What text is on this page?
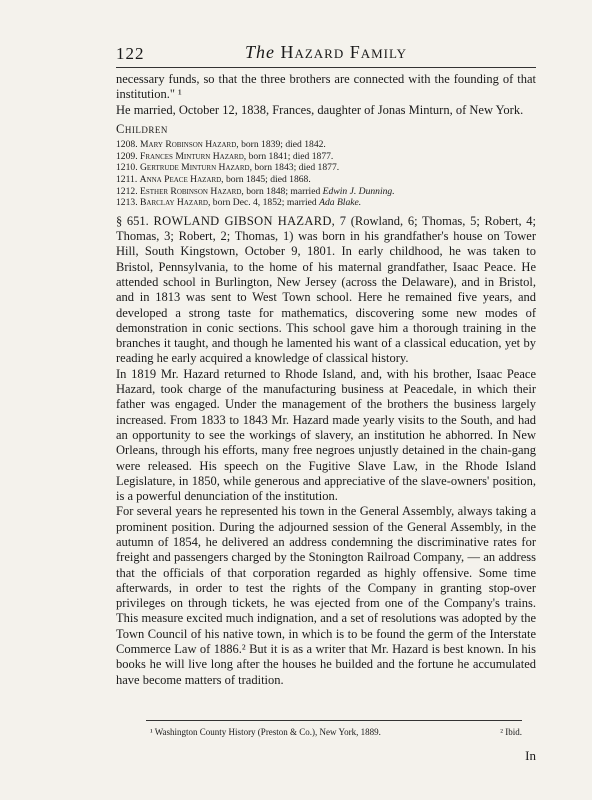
122	The Hazard Family

necessary funds, so that the three brothers are connected with the founding of that institution." ¹

He married, October 12, 1838, Frances, daughter of Jonas Minturn, of New York.

Children
1208. Mary Robinson Hazard, born 1839; died 1842.
1209. Frances Minturn Hazard, born 1841; died 1877.
1210. Gertrude Minturn Hazard, born 1843; died 1877.
1211. Anna Peace Hazard, born 1845; died 1868.
1212. Esther Robinson Hazard, born 1848; married Edwin J. Dunning.
1213. Barclay Hazard, born Dec. 4, 1852; married Ada Blake.

§ 651. ROWLAND GIBSON HAZARD, 7 (Rowland, 6; Thomas, 5; Robert, 4; Thomas, 3; Robert, 2; Thomas, 1) was born in his grandfather's house on Tower Hill, South Kingstown, October 9, 1801. In early childhood, he was taken to Bristol, Pennsylvania, to the home of his maternal grandfather, Isaac Peace. He attended school in Burlington, New Jersey (across the Delaware), and in Bristol, and in 1813 was sent to West Town school. Here he remained five years, and developed a strong taste for mathematics, discovering some new modes of demonstration in conic sections. This school gave him a thorough training in the branches it taught, and though he lamented his want of a classical education, yet by reading he early acquired a knowledge of classical history.

In 1819 Mr. Hazard returned to Rhode Island, and, with his brother, Isaac Peace Hazard, took charge of the manufacturing business at Peacedale, in which their father was engaged. Under the management of the brothers the business largely increased. From 1833 to 1843 Mr. Hazard made yearly visits to the South, and had an opportunity to see the workings of slavery, an institution he abhorred. In New Orleans, through his efforts, many free negroes unjustly detained in the chain-gang were released. His speech on the Fugitive Slave Law, in the Rhode Island Legislature, in 1850, while generous and appreciative of the slave-owners' position, is a powerful denunciation of the institution.

For several years he represented his town in the General Assembly, always taking a prominent position. During the adjourned session of the General Assembly, in the autumn of 1854, he delivered an address condemning the discriminative rates for freight and passengers charged by the Stonington Railroad Company, — an address that the officials of that corporation regarded as highly offensive. Some time afterwards, in order to test the rights of the Company in granting stop-over privileges on through tickets, he was ejected from one of the Company's trains. This measure excited much indignation, and a set of resolutions was adopted by the Town Council of his native town, in which is to be found the germ of the Interstate Commerce Law of 1886.² But it is as a writer that Mr. Hazard is best known. In his books he will live long after the houses he builded and the fortune he accumulated have become matters of tradition.

¹ Washington County History (Preston & Co.), New York, 1889.	² Ibid.
In
